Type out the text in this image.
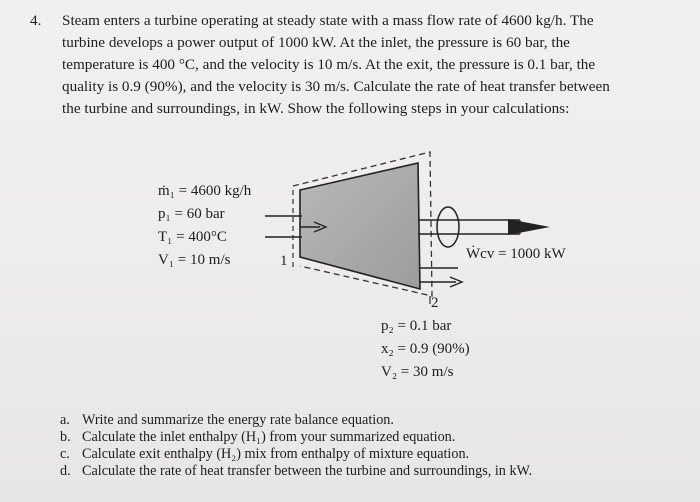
4. Steam enters a turbine operating at steady state with a mass flow rate of 4600 kg/h. The
turbine develops a power output of 1000 kW. At the inlet, the pressure is 60 bar, the
temperature is 400 °C, and the velocity is 10 m/s. At the exit, the pressure is 0.1 bar, the
quality is 0.9 (90%), and the velocity is 30 m/s. Calculate the rate of heat transfer between
the turbine and surroundings, in kW. Show the following steps in your calculations:
ṁ₁ = 4600 kg/h
p₁ = 60 bar
T₁ = 400°C
V₁ = 10 m/s	1	Ẇcv = 1000 kW
2
p₂ = 0.1 bar
x₂ = 0.9 (90%)
V₂ = 30 m/s
a. Write and summarize the energy rate balance equation.
b. Calculate the inlet enthalpy (H₁) from your summarized equation.
c. Calculate exit enthalpy (H₂) mix from enthalpy of mixture equation.
d. Calculate the rate of heat transfer between the turbine and surroundings, in kW.
